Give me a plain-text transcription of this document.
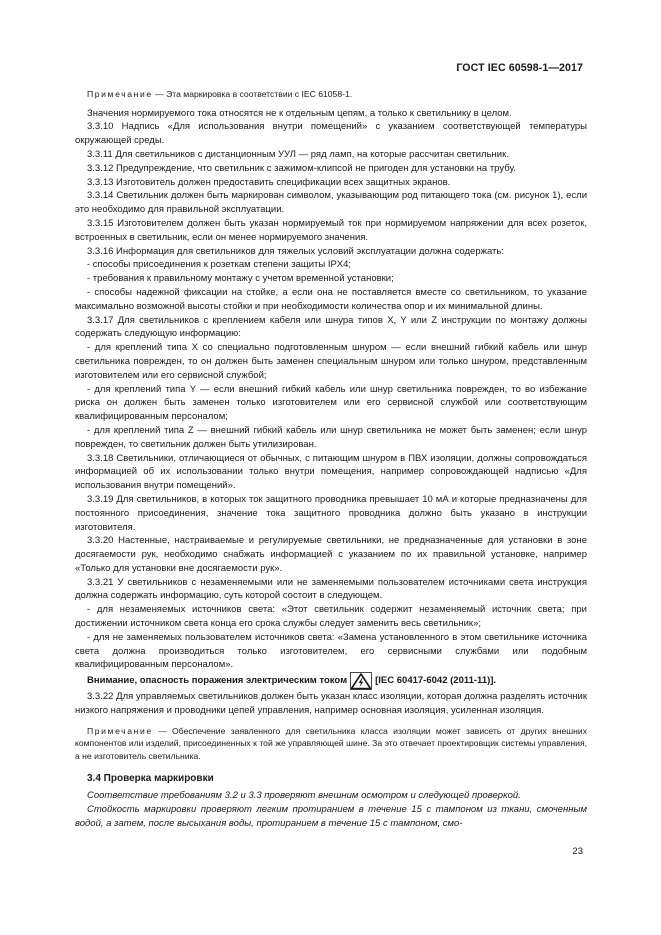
ГОСТ IEC 60598-1—2017

Примечание — Эта маркировка в соответствии с IEC 61058-1.

Значения нормируемого тока относятся не к отдельным цепям, а только к светильнику в целом.

3.3.10 Надпись «Для использования внутри помещений» с указанием соответствующей температуры окружающей среды.

3.3.11 Для светильников с дистанционным УУЛ — ряд ламп, на которые рассчитан светильник.

3.3.12 Предупреждение, что светильник с зажимом-клипсой не пригоден для установки на трубу.

3.3.13 Изготовитель должен предоставить спецификации всех защитных экранов.

3.3.14 Светильник должен быть маркирован символом, указывающим род питающего тока (см. рисунок 1), если это необходимо для правильной эксплуатации.

3.3.15 Изготовителем должен быть указан нормируемый ток при нормируемом напряжении для всех розеток, встроенных в светильник, если он менее нормируемого значения.

3.3.16 Информация для светильников для тяжелых условий эксплуатации должна содержать:

- способы присоединения к розеткам степени защиты IPX4;

- требования к правильному монтажу с учетом временной установки;

- способы надежной фиксации на стойке, а если она не поставляется вместе со светильником, то указание максимально возможной высоты стойки и при необходимости количества опор и их минимальной длины.

3.3.17 Для светильников с креплением кабеля или шнура типов X, Y или Z инструкции по монтажу должны содержать следующую информацию:

- для креплений типа X со специально подготовленным шнуром — если внешний гибкий кабель или шнур светильника поврежден, то он должен быть заменен специальным шнуром или только шнуром, представленным изготовителем или его сервисной службой;

- для креплений типа Y — если внешний гибкий кабель или шнур светильника поврежден, то во избежание риска он должен быть заменен только изготовителем или его сервисной службой или соответствующим квалифицированным персоналом;

- для креплений типа Z — внешний гибкий кабель или шнур светильника не может быть заменен; если шнур поврежден, то светильник должен быть утилизирован.

3.3.18 Светильники, отличающиеся от обычных, с питающим шнуром в ПВХ изоляции, должны сопровождаться информацией об их использовании только внутри помещения, например сопровождающей надписью «Для использования внутри помещений».

3.3.19 Для светильников, в которых ток защитного проводника превышает 10 мА и которые предназначены для постоянного присоединения, значение тока защитного проводника должно быть указано в инструкции изготовителя.

3.3.20 Настенные, настраиваемые и регулируемые светильники, не предназначенные для установки в зоне досягаемости рук, необходимо снабжать информацией с указанием по их правильной установке, например «Только для установки вне досягаемости рук».

3.3.21 У светильников с незаменяемыми или не заменяемыми пользователем источниками света инструкция должна содержать информацию, суть которой состоит в следующем.

- для незаменяемых источников света: «Этот светильник содержит незаменяемый источник света; при достижении источником света конца его срока службы следует заменить весь светильник»;

- для не заменяемых пользователем источников света: «Замена установленного в этом светильнике источника света должна производиться только изготовителем, его сервисными службами или подобным квалифицированным персоналом».

Внимание, опасность поражения электрическим током	[IEC 60417-6042 (2011-11)].

3.3.22 Для управляемых светильников должен быть указан класс изоляции, которая должна разделять источник низкого напряжения и проводники цепей управления, например основная изоляция, усиленная изоляция.

Примечание — Обеспечение заявленного для светильника класса изоляции может зависеть от других внешних компонентов или изделий, присоединенных к той же управляющей шине. За это отвечает проектировщик системы управления, а не изготовитель светильника.

3.4 Проверка маркировки

Соответствие требованиям 3.2 и 3.3 проверяют внешним осмотром и следующей проверкой.

Стойкость маркировки проверяют легким протиранием в течение 15 с тампоном из ткани, смоченным водой, а затем, после высыхания воды, протиранием в течение 15 с тампоном, смо-

23
